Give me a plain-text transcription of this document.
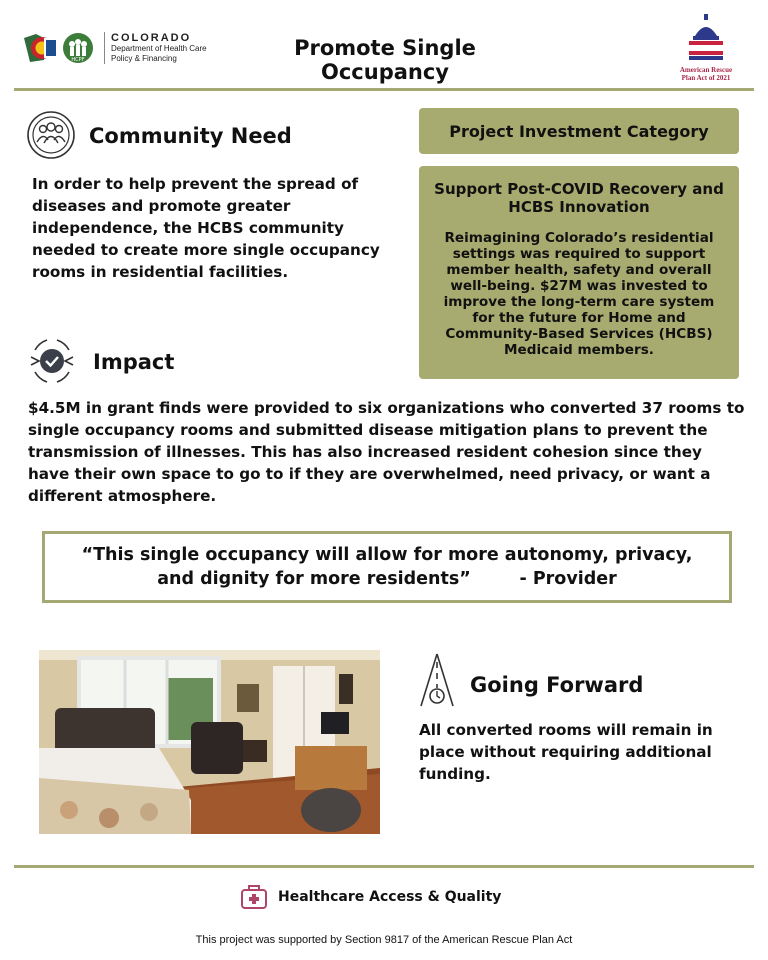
HCPF
COLORADO
Department of Health Care
Policy & Financing	Promote Single Occupancy	American Rescue
Plan Act of 2021
Community Need
In order to help prevent the spread of diseases and promote greater independence, the HCBS community needed to create more single occupancy rooms in residential facilities.
Project Investment Category
Support Post-COVID Recovery and HCBS Innovation
Reimagining Colorado’s residential settings was required to support member health, safety and overall well-being. $27M was invested to improve the long-term care system for the future for Home and Community-Based Services (HCBS) Medicaid members.
Impact
$4.5M in grant finds were provided to six organizations who converted 37 rooms to single occupancy rooms and submitted disease mitigation plans to prevent the transmission of illnesses. This has also increased resident cohesion since they have their own space to go to if they are overwhelmed, need privacy, or want a different atmosphere.
“This single occupancy will allow for more autonomy, privacy, and dignity for more residents”        - Provider
Going Forward
All converted rooms will remain in place without requiring additional funding.
Healthcare Access & Quality
This project was supported by Section 9817 of the American Rescue Plan Act
